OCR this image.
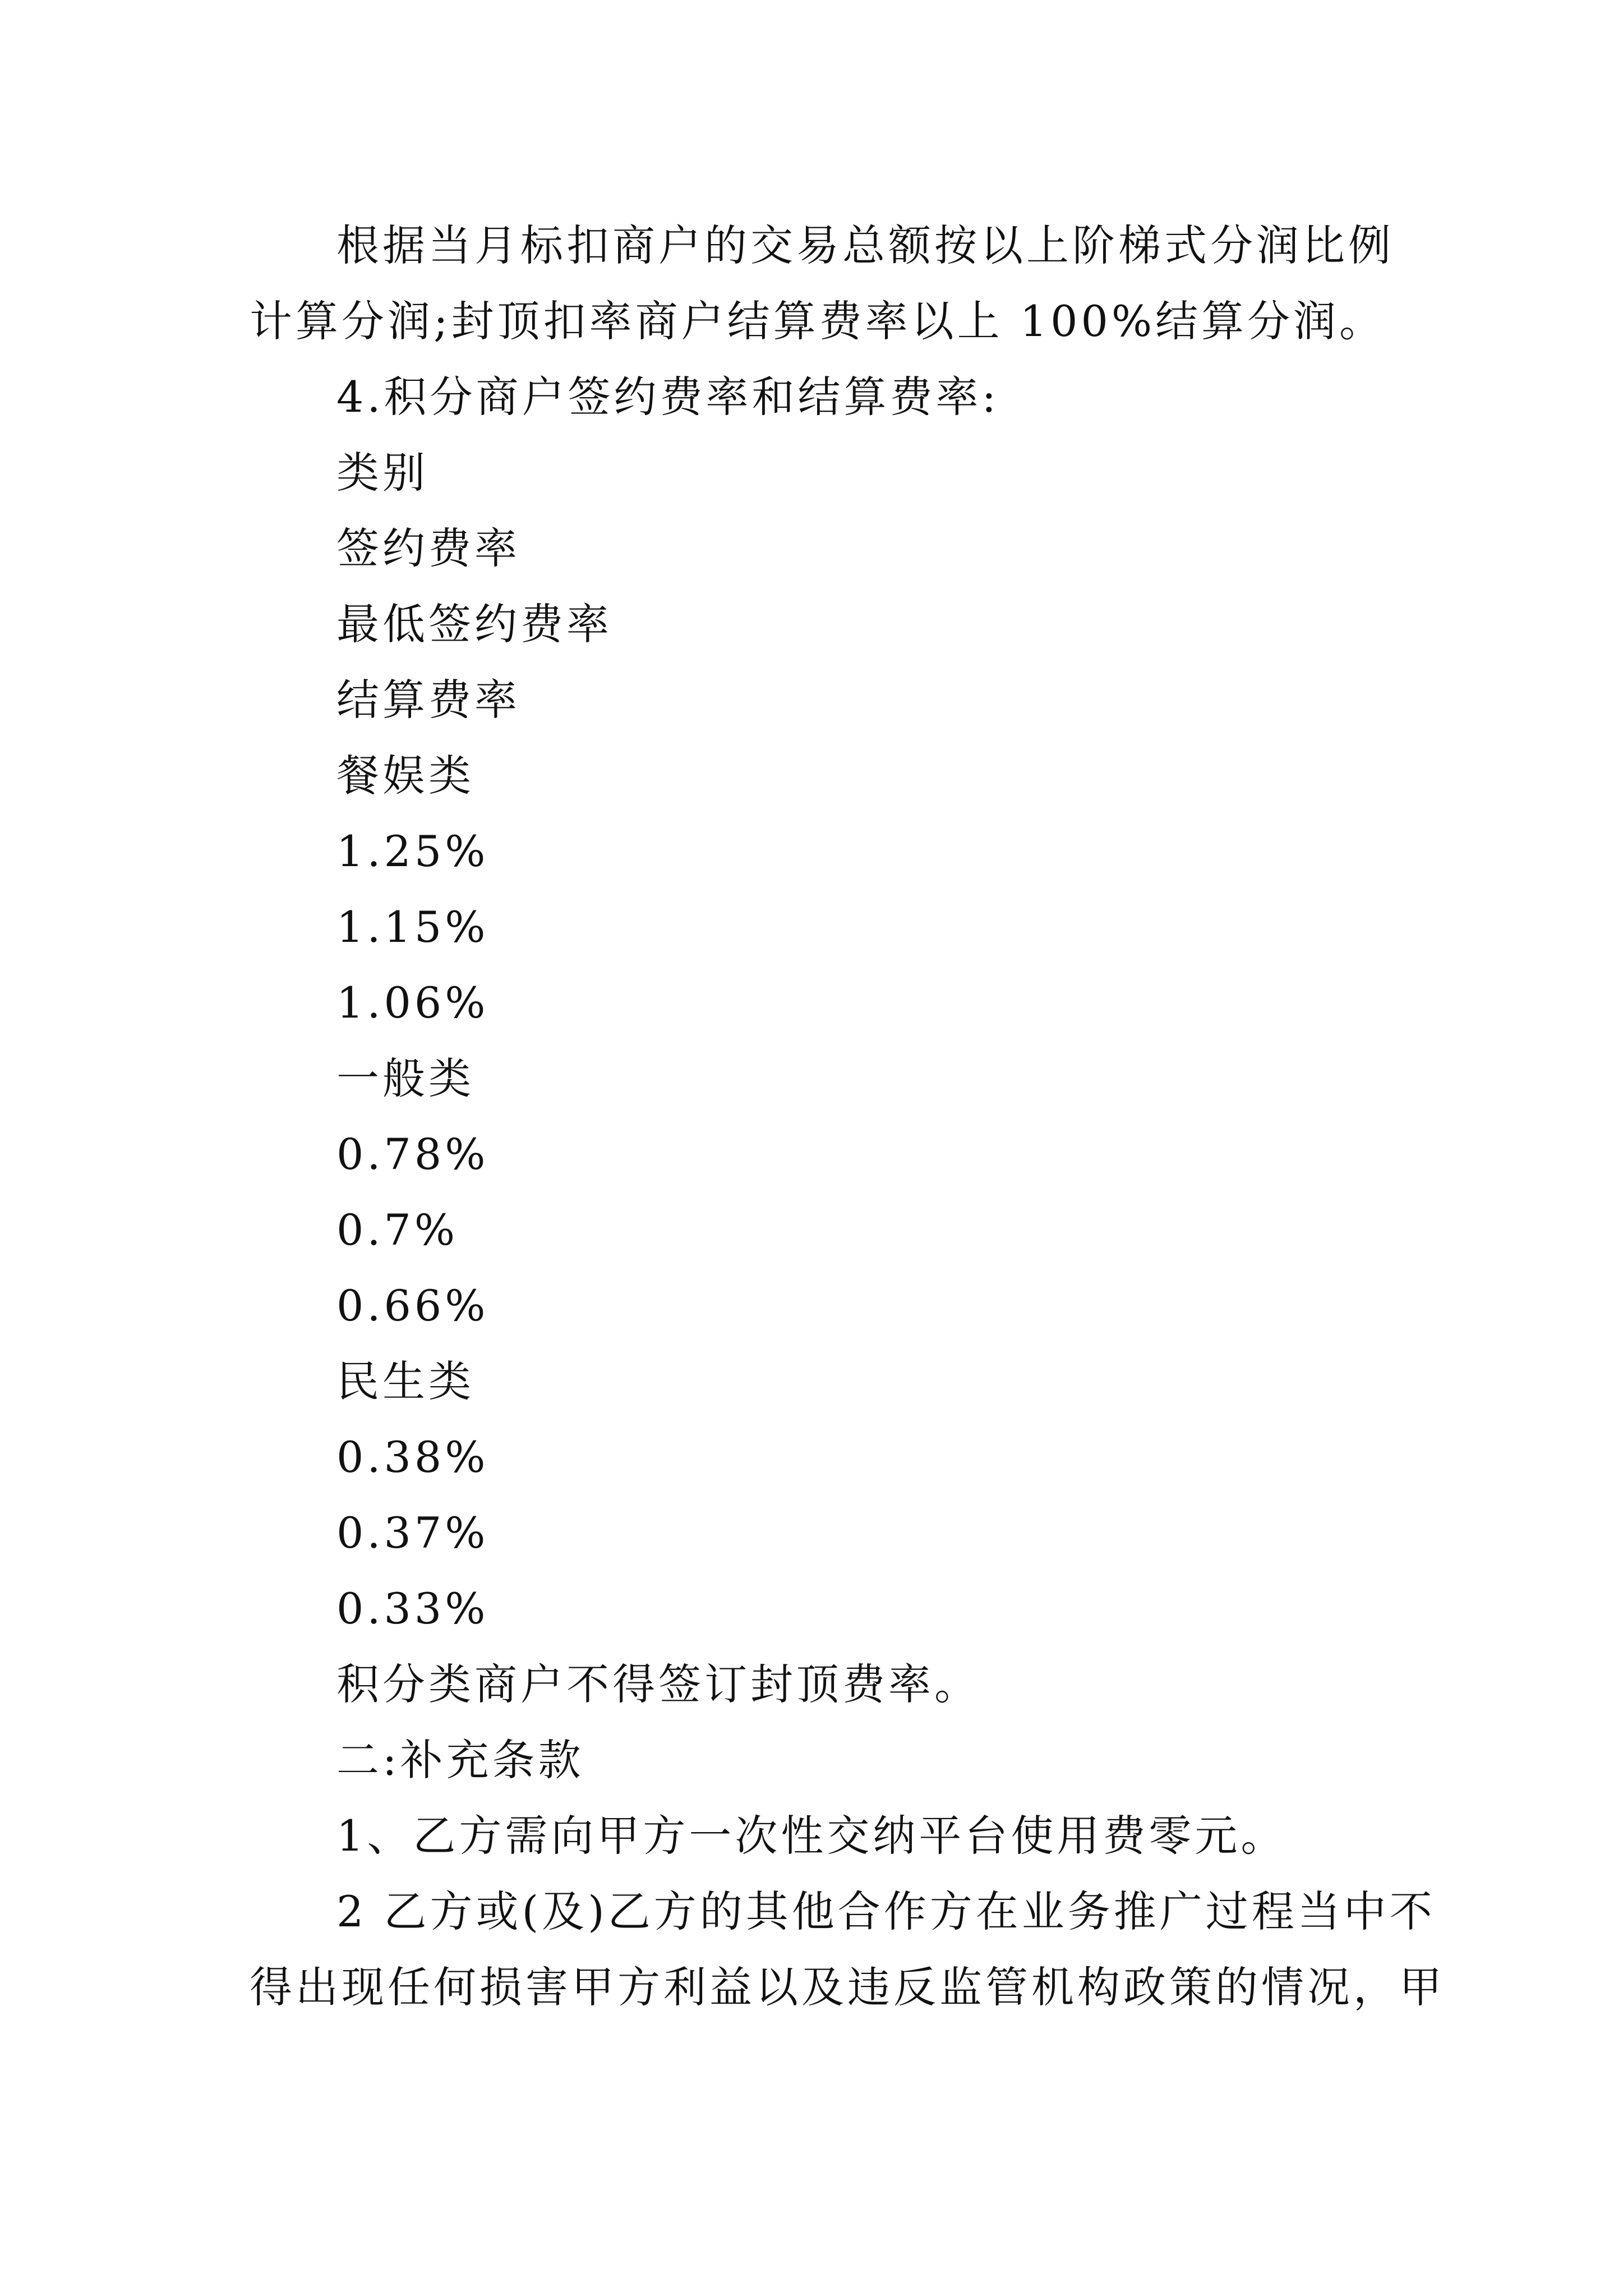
根据当月标扣商户的交易总额按以上阶梯式分润比例
计算分润;封顶扣率商户结算费率以上 100%结算分润。
4.积分商户签约费率和结算费率:
类别
签约费率
最低签约费率
结算费率
餐娱类
1.25%
1.15%
1.06%
一般类
0.78%
0.7%
0.66%
民生类
0.38%
0.37%
0.33%
积分类商户不得签订封顶费率。
二:补充条款
1、乙方需向甲方一次性交纳平台使用费零元。
2 乙方或(及)乙方的其他合作方在业务推广过程当中不
得出现任何损害甲方利益以及违反监管机构政策的情况，甲
